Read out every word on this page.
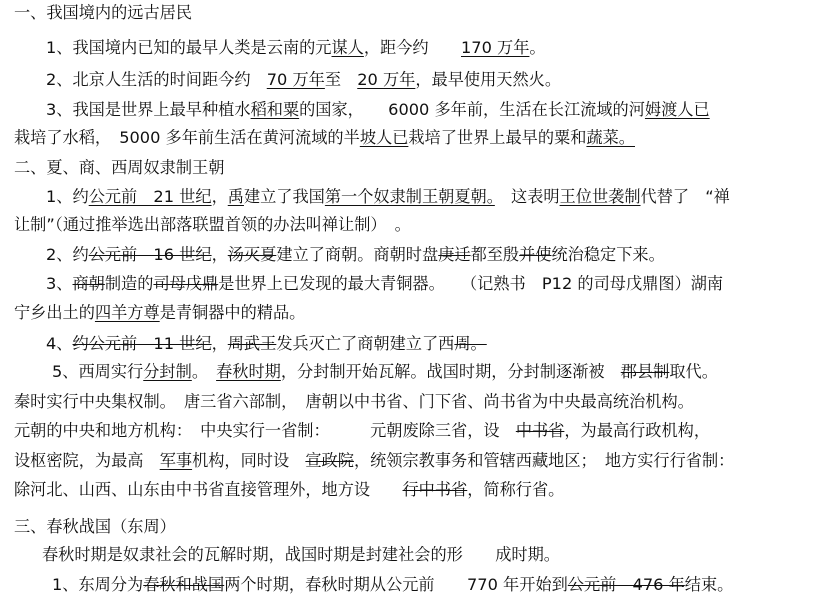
一、我国境内的远古居民
1、我国境内已知的最早人类是云南的元谋人，距今约　　170 万年。
2、北京人生活的时间距今约　70 万年至　20 万年，最早使用天然火。
3、我国是世界上最早种植水稻和粟的国家，　　6000 多年前，生活在长江流域的河姆渡人已
栽培了水稻，　5000 多年前生活在黄河流域的半坡人已栽培了世界上最早的粟和蔬菜。
二、夏、商、西周奴隶制王朝
1、约公元前　21 世纪，禹建立了我国第一个奴隶制王朝夏朝。　这表明王位世袭制代替了　“禅
让制”（通过推举选出部落联盟首领的办法叫禅让制）　。
2、约公元前　16 世纪，汤灭夏建立了商朝。商朝时盘庚迁都至殷并使统治稳定下来。
3、商朝制造的司母戊鼎是世界上已发现的最大青铜器。　　（记熟书　P12 的司母戊鼎图）湖南
宁乡出土的四羊方尊是青铜器中的精品。
4、约公元前　11 世纪，周武王发兵灭亡了商朝建立了西周。
5、西周实行分封制。　春秋时期，分封制开始瓦解。战国时期，分封制逐渐被　郡县制取代。
秦时实行中央集权制。　唐三省六部制，　唐朝以中书省、门下省、尚书省为中央最高统治机构。
元朝的中央和地方机构：　中央实行一省制：　　　元朝废除三省，设　中书省，为最高行政机构，
设枢密院，为最高　军事机构，同时设　宣政院，统领宗教事务和管辖西藏地区；　地方实行行省制：
除河北、山西、山东由中书省直接管理外，地方设　　行中书省，简称行省。
三、春秋战国（东周）
春秋时期是奴隶社会的瓦解时期，战国时期是封建社会的形　　成时期。
1、东周分为春秋和战国两个时期，春秋时期从公元前　　770 年开始到公元前　476 年结束。
